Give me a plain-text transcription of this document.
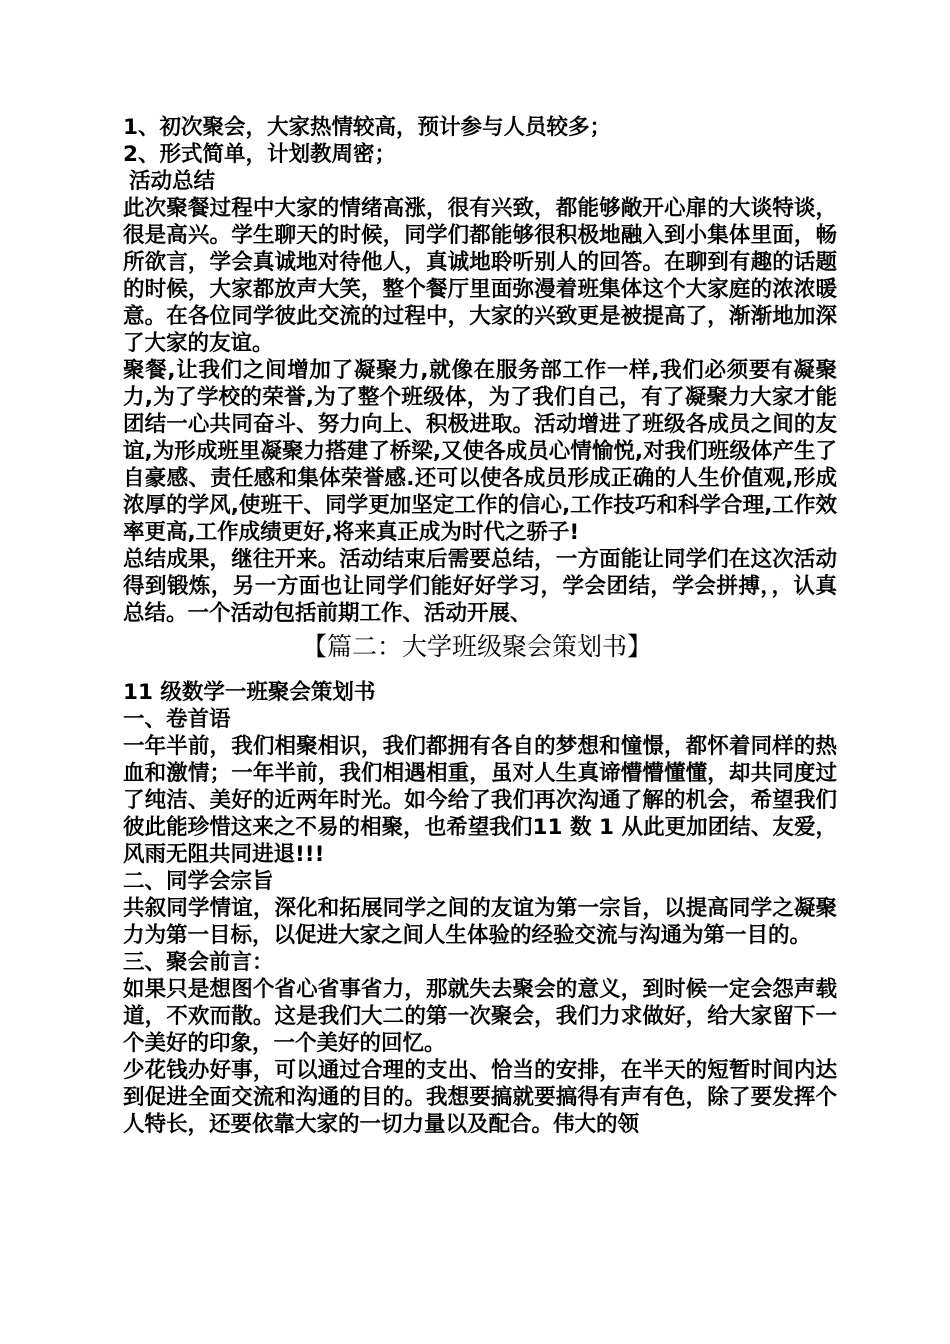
1、初次聚会，大家热情较高，预计参与人员较多；

2、形式简单，计划教周密；

活动总结

此次聚餐过程中大家的情绪高涨，很有兴致，都能够敞开心扉的大谈特谈，很是高兴。学生聊天的时候，同学们都能够很积极地融入到小集体里面，畅所欲言，学会真诚地对待他人，真诚地聆听别人的回答。在聊到有趣的话题的时候，大家都放声大笑，整个餐厅里面弥漫着班集体这个大家庭的浓浓暖意。在各位同学彼此交流的过程中，大家的兴致更是被提高了，渐渐地加深了大家的友谊。

聚餐,让我们之间增加了凝聚力,就像在服务部工作一样,我们必须要有凝聚力,为了学校的荣誉,为了整个班级体，为了我们自己，有了凝聚力大家才能团结一心共同奋斗、努力向上、积极进取。活动增进了班级各成员之间的友谊,为形成班里凝聚力搭建了桥梁,又使各成员心情愉悦,对我们班级体产生了自豪感、责任感和集体荣誉感.还可以使各成员形成正确的人生价值观,形成浓厚的学风,使班干、同学更加坚定工作的信心,工作技巧和科学合理,工作效率更高,工作成绩更好,将来真正成为时代之骄子!

总结成果，继往开来。活动结束后需要总结，一方面能让同学们在这次活动得到锻炼，另一方面也让同学们能好好学习，学会团结，学会拼搏，，认真总结。一个活动包括前期工作、活动开展、

【篇二：大学班级聚会策划书】

11 级数学一班聚会策划书

一、卷首语

一年半前，我们相聚相识，我们都拥有各自的梦想和憧憬，都怀着同样的热血和激情；一年半前，我们相遇相重，虽对人生真谛懵懵懂懂，却共同度过了纯洁、美好的近两年时光。如今给了我们再次沟通了解的机会，希望我们彼此能珍惜这来之不易的相聚，也希望我们11 数 1 从此更加团结、友爱，风雨无阻共同进退!!!

二、同学会宗旨

共叙同学情谊，深化和拓展同学之间的友谊为第一宗旨，以提高同学之凝聚力为第一目标，以促进大家之间人生体验的经验交流与沟通为第一目的。

三、聚会前言：

如果只是想图个省心省事省力，那就失去聚会的意义，到时候一定会怨声载道，不欢而散。这是我们大二的第一次聚会，我们力求做好，给大家留下一个美好的印象，一个美好的回忆。

少花钱办好事，可以通过合理的支出、恰当的安排，在半天的短暂时间内达到促进全面交流和沟通的目的。我想要搞就要搞得有声有色，除了要发挥个人特长，还要依靠大家的一切力量以及配合。伟大的领
